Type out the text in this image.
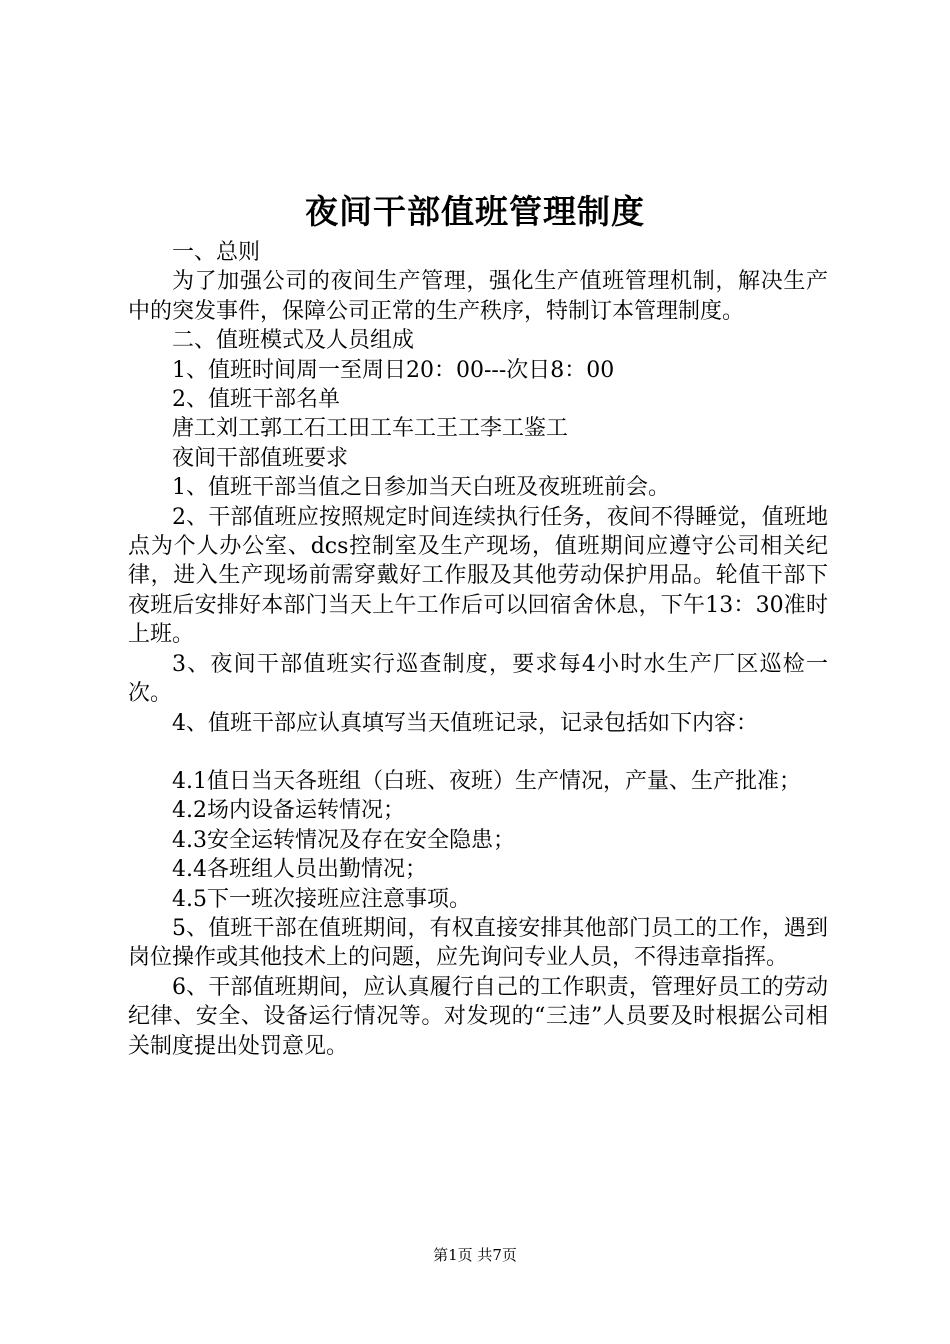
夜间干部值班管理制度

一、总则

为了加强公司的夜间生产管理，强化生产值班管理机制，解决生产中的突发事件，保障公司正常的生产秩序，特制订本管理制度。

二、值班模式及人员组成

1、值班时间周一至周日20：00---次日8：00

2、值班干部名单

唐工刘工郭工石工田工车工王工李工鉴工

夜间干部值班要求

1、值班干部当值之日参加当天白班及夜班班前会。

2、干部值班应按照规定时间连续执行任务，夜间不得睡觉，值班地点为个人办公室、dcs控制室及生产现场，值班期间应遵守公司相关纪律，进入生产现场前需穿戴好工作服及其他劳动保护用品。轮值干部下夜班后安排好本部门当天上午工作后可以回宿舍休息，下午13：30准时上班。

3、夜间干部值班实行巡查制度，要求每4小时水生产厂区巡检一次。

4、值班干部应认真填写当天值班记录，记录包括如下内容：

4.1值日当天各班组（白班、夜班）生产情况，产量、生产批准；

4.2场内设备运转情况；

4.3安全运转情况及存在安全隐患；

4.4各班组人员出勤情况；

4.5下一班次接班应注意事项。

5、值班干部在值班期间，有权直接安排其他部门员工的工作，遇到岗位操作或其他技术上的问题，应先询问专业人员，不得违章指挥。

6、干部值班期间，应认真履行自己的工作职责，管理好员工的劳动纪律、安全、设备运行情况等。对发现的“三违”人员要及时根据公司相关制度提出处罚意见。

第1页 共7页
